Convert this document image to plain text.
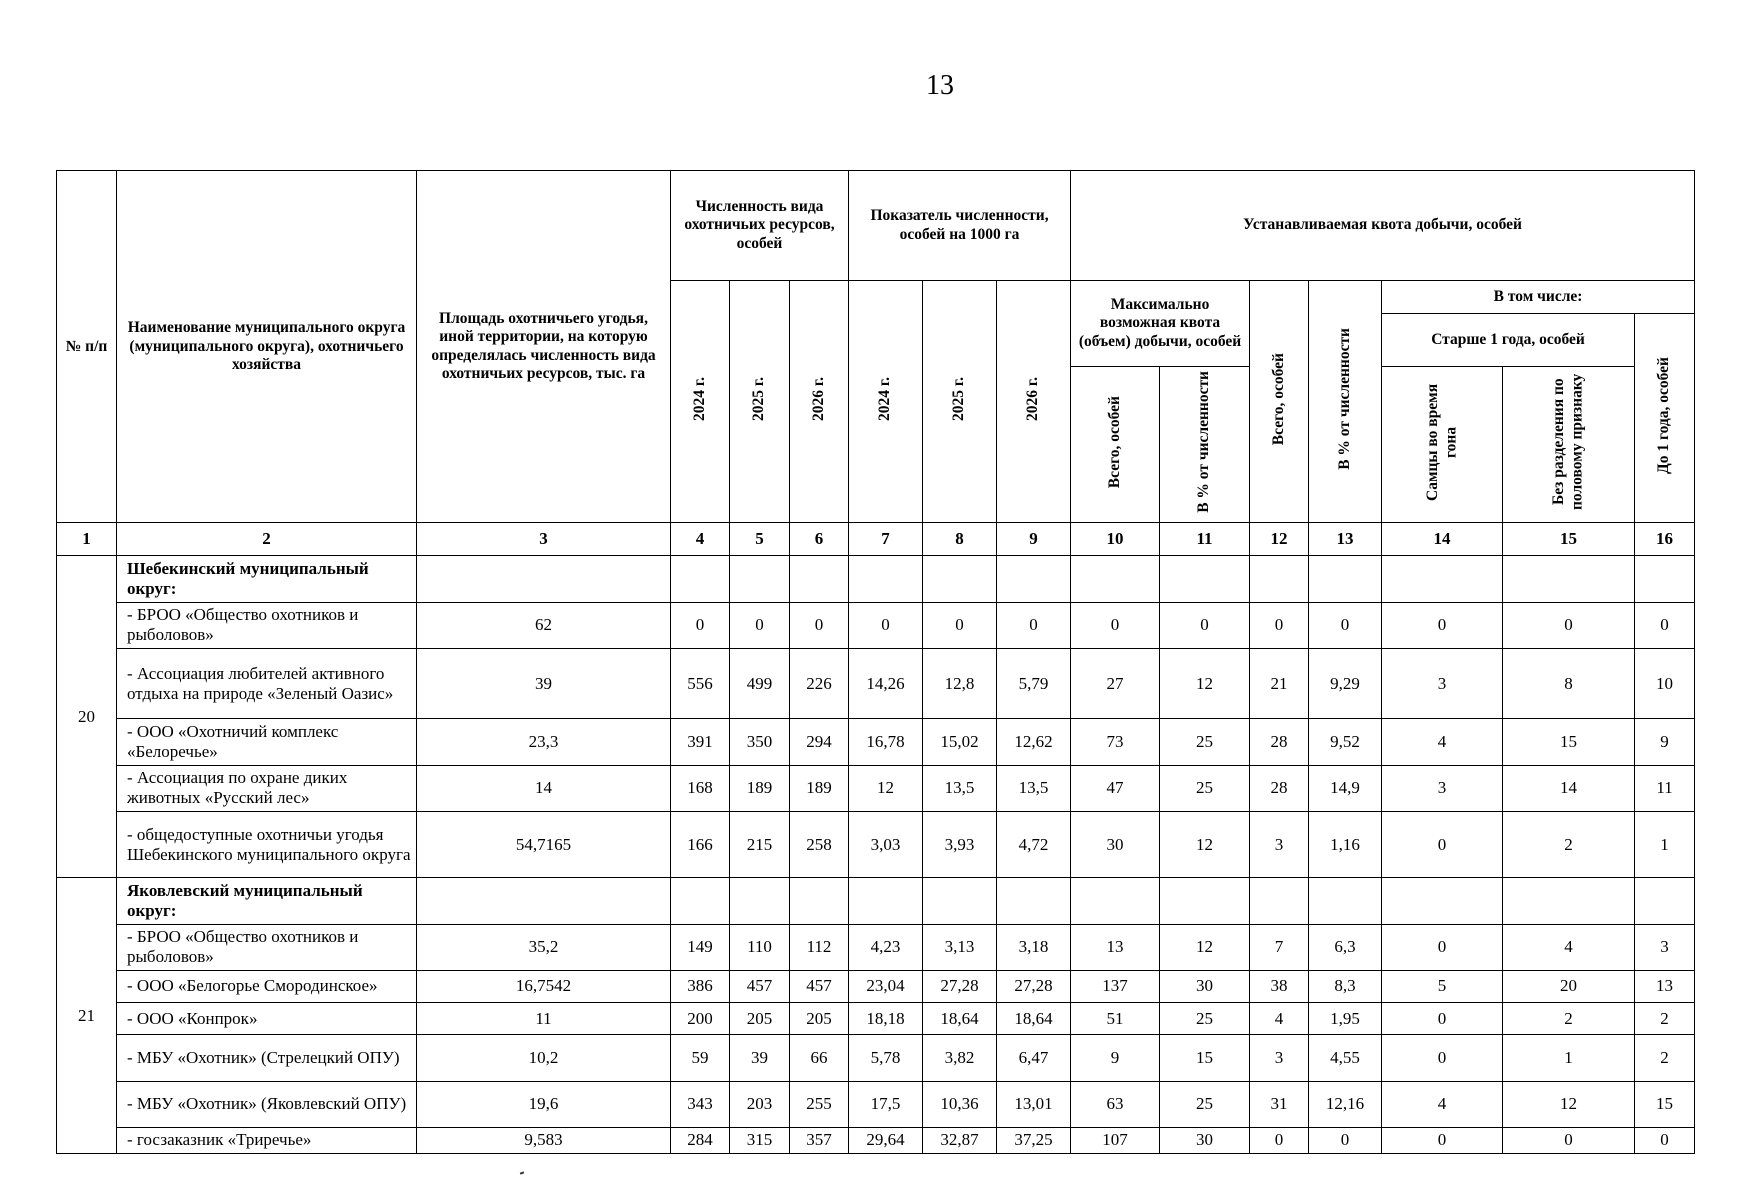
13
№ п/п	Наименование муниципального округа (муниципального округа), охотничьего хозяйства	Площадь охотничьего угодья, иной территории, на которую определялась численность вида охотничьих ресурсов, тыс. га	Численность вида охотничьих ресурсов, особей			Показатель численности, особей на 1000 га			Устанавливаемая квота добычи, особей						
			2024 г.	2025 г.	2026 г.	2024 г.	2025 г.	2026 г.	Максимально возможная квота (объем) добычи, особей		Всего, особей	В % от численности	В том числе:		
													Старше 1 года, особей		До 1 года, особей
									Всего, особей	В % от численности			Самцы во время гона	Без разделения по половому признаку	
1	2	3	4	5	6	7	8	9	10	11	12	13	14	15	16
20	Шебекинский муниципальный округ:														
	- БРОО «Общество охотников и рыболовов»	62	0	0	0	0	0	0	0	0	0	0	0	0	0
	- Ассоциация любителей активного отдыха на природе «Зеленый Оазис»	39	556	499	226	14,26	12,8	5,79	27	12	21	9,29	3	8	10
	- ООО «Охотничий комплекс «Белоречье»	23,3	391	350	294	16,78	15,02	12,62	73	25	28	9,52	4	15	9
	- Ассоциация по охране диких животных «Русский лес»	14	168	189	189	12	13,5	13,5	47	25	28	14,9	3	14	11
	- общедоступные охотничьи угодья Шебекинского муниципального округа	54,7165	166	215	258	3,03	3,93	4,72	30	12	3	1,16	0	2	1
21	Яковлевский муниципальный округ:														
	- БРОО «Общество охотников и рыболовов»	35,2	149	110	112	4,23	3,13	3,18	13	12	7	6,3	0	4	3
	- ООО «Белогорье Смородинское»	16,7542	386	457	457	23,04	27,28	27,28	137	30	38	8,3	5	20	13
	- ООО «Конпрок»	11	200	205	205	18,18	18,64	18,64	51	25	4	1,95	0	2	2
	- МБУ «Охотник» (Стрелецкий ОПУ)	10,2	59	39	66	5,78	3,82	6,47	9	15	3	4,55	0	1	2
	- МБУ «Охотник» (Яковлевский ОПУ)	19,6	343	203	255	17,5	10,36	13,01	63	25	31	12,16	4	12	15
	- госзаказник «Триречье»	9,583	284	315	357	29,64	32,87	37,25	107	30	0	0	0	0	0
